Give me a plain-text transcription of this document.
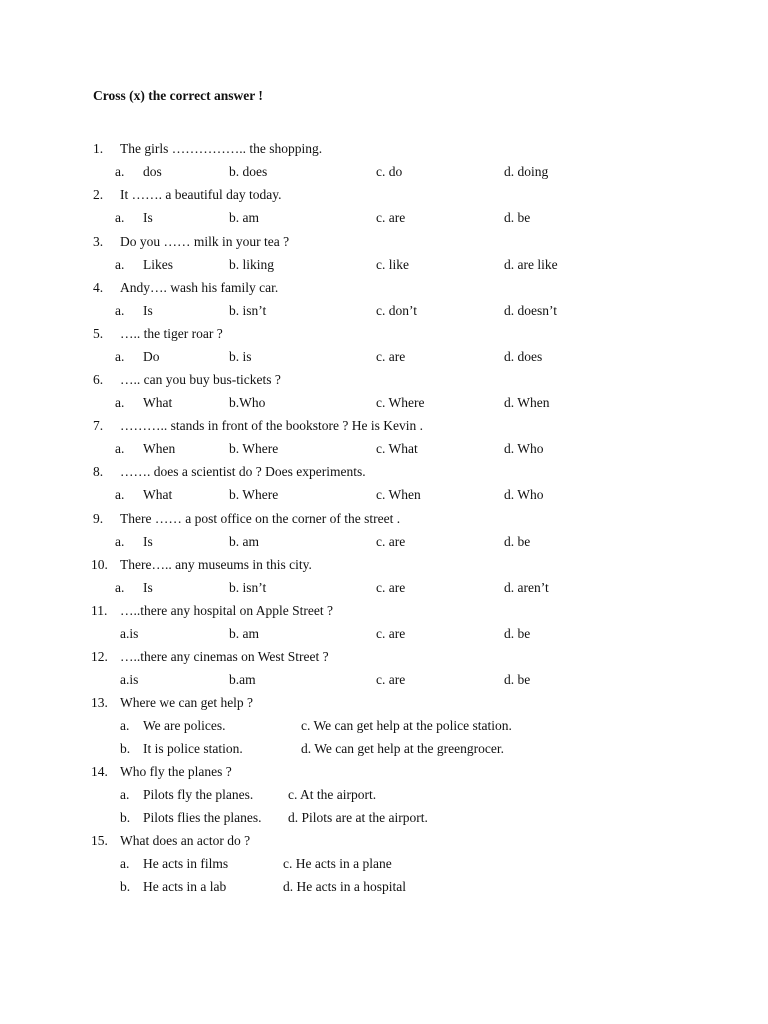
Cross (x) the correct answer !
1. The girls …………….. the shopping.
a. dos	b. does	c. do	d. doing
2. It ……. a beautiful day today.
a. Is	b. am	c. are	d. be
3. Do you …… milk in your tea ?
a. Likes	b. liking	c. like	d. are like
4. Andy…. wash his family car.
a. Is	b. isn’t	c. don’t	d. doesn’t
5. ….. the tiger roar ?
a. Do	b. is	c. are	d. does
6. ….. can you buy bus-tickets ?
a. What	b.Who	c. Where	d. When
7. ……….. stands in front of the bookstore ? He is Kevin .
a. When	b. Where	c. What	d. Who
8. ……. does a scientist do ? Does experiments.
a. What	b. Where	c. When	d. Who
9. There …… a post office on the corner of the street .
a. Is	b. am	c. are	d. be
10. There….. any museums in this city.
a. Is	b. isn’t	c. are	d. aren’t
11. …..there any hospital on Apple Street ?
a.is	b. am	c. are	d. be
12. …..there any cinemas on West Street ?
a.is	b.am	c. are	d. be
13. Where we can get help ?
a. We are polices.	c. We can get help at the police station.
b. It is police station.	d. We can get help at the greengrocer.
14. Who fly the planes ?
a. Pilots fly the planes.	c. At the airport.
b. Pilots flies the planes. d. Pilots are at the airport.
15. What does an actor do ?
a. He acts in films	c. He acts in a plane
b. He acts in a lab	d. He acts in a hospital
